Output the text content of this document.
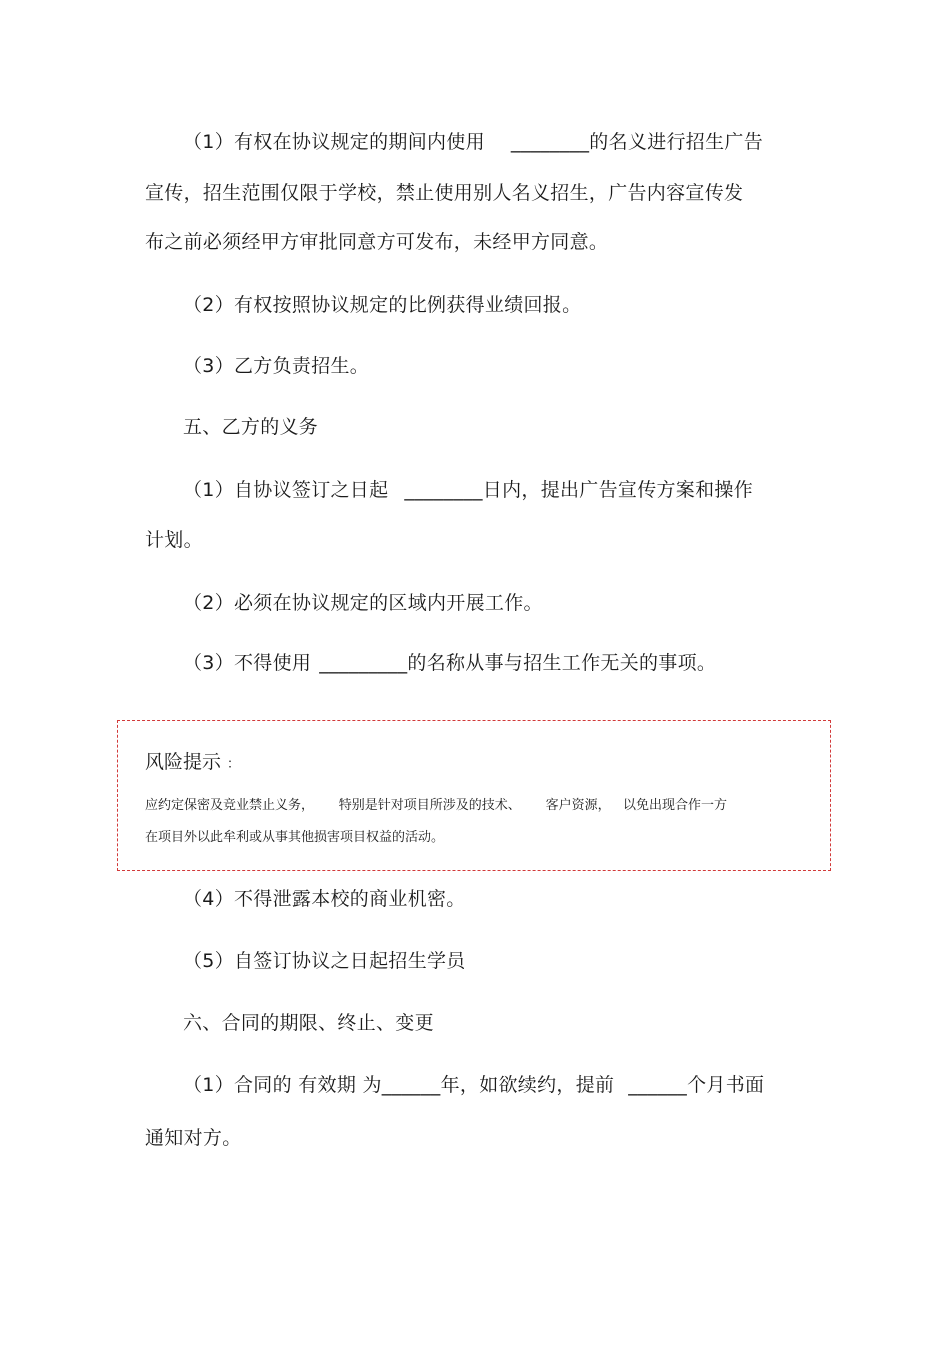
（1）有权在协议规定的期间内使用 ________的名义进行招生广告
宣传，招生范围仅限于学校，禁止使用别人名义招生，广告内容宣传发
布之前必须经甲方审批同意方可发布，未经甲方同意。
（2）有权按照协议规定的比例获得业绩回报。
（3）乙方负责招生。
五、乙方的义务
（1）自协议签订之日起 ________日内，提出广告宣传方案和操作
计划。
（2）必须在协议规定的区域内开展工作。
（3）不得使用 _________的名称从事与招生工作无关的事项。
风险提示 ：
应约定保密及竞业禁止义务，      特别是针对项目所涉及的技术、      客户资源，   以免出现合作一方
在项目外以此牟利或从事其他损害项目权益的活动。
（4）不得泄露本校的商业机密。
（5）自签订协议之日起招生学员
六、合同的期限、终止、变更
（1）合同的 有效期 为______年，如欲续约，提前 ______个月书面
通知对方。
